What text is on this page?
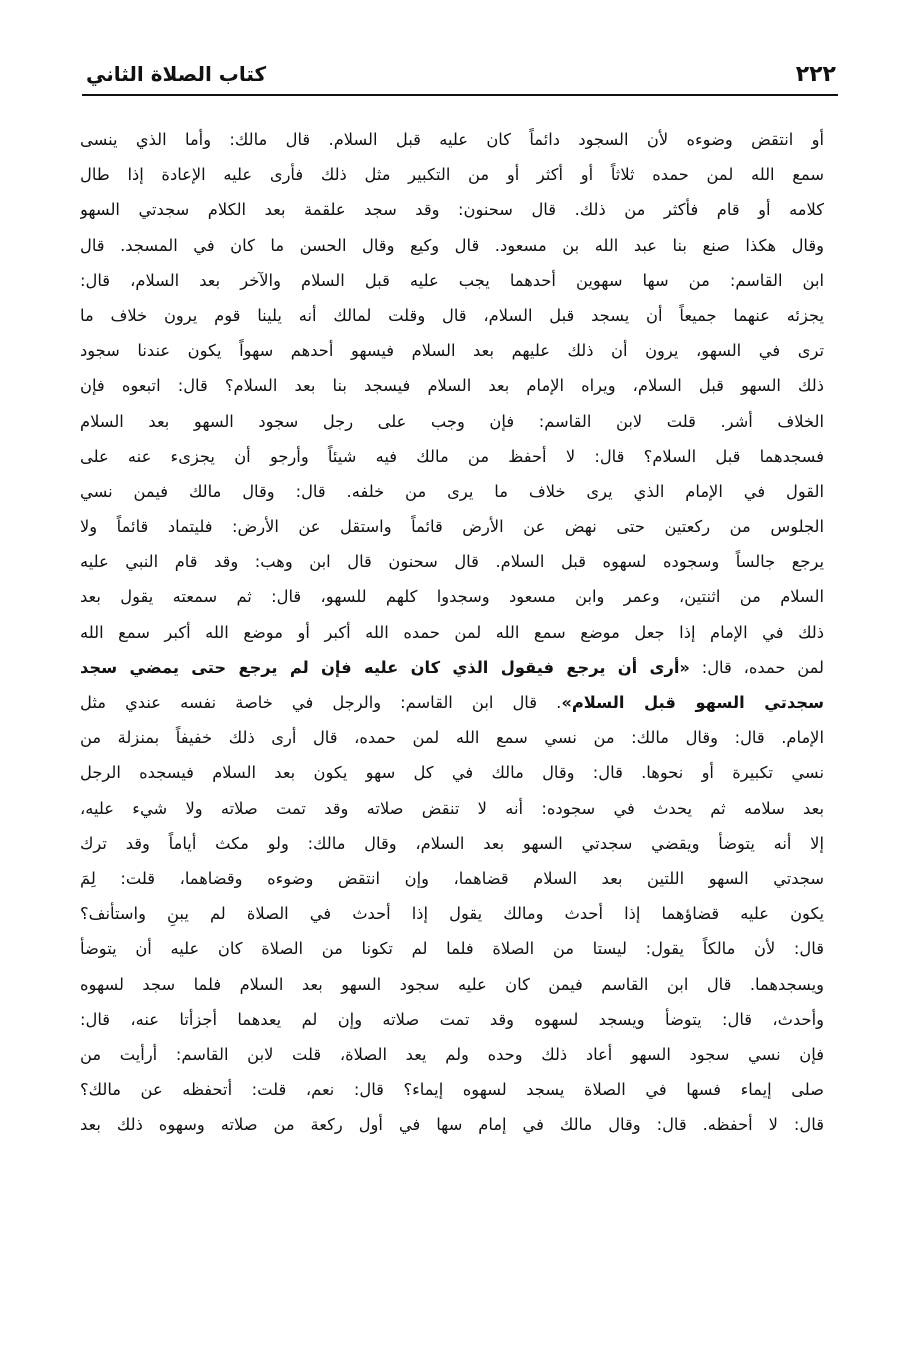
٢٢٢
كتاب الصلاة الثاني
أو انتقض وضوءه لأن السجود دائماً كان عليه قبل السلام. قال مالك: وأما الذي ينسى
سمع الله لمن حمده ثلاثاً أو أكثر أو من التكبير مثل ذلك فأرى عليه الإعادة إذا طال
كلامه أو قام فأكثر من ذلك. قال سحنون: وقد سجد علقمة بعد الكلام سجدتي السهو
وقال هكذا صنع بنا عبد الله بن مسعود. قال وكيع وقال الحسن ما كان في المسجد. قال
ابن القاسم: من سها سهوين أحدهما يجب عليه قبل السلام والآخر بعد السلام، قال:
يجزئه عنهما جميعاً أن يسجد قبل السلام، قال وقلت لمالك أنه يلينا قوم يرون خلاف ما
ترى في السهو، يرون أن ذلك عليهم بعد السلام فيسهو أحدهم سهواً يكون عندنا سجود
ذلك السهو قبل السلام، ويراه الإمام بعد السلام فيسجد بنا بعد السلام؟ قال: اتبعوه فإن
الخلاف أشر. قلت لابن القاسم: فإن وجب على رجل سجود السهو بعد السلام
فسجدهما قبل السلام؟ قال: لا أحفظ من مالك فيه شيئاً وأرجو أن يجزىء عنه على
القول في الإمام الذي يرى خلاف ما يرى من خلفه. قال: وقال مالك فيمن نسي
الجلوس من ركعتين حتى نهض عن الأرض قائماً واستقل عن الأرض: فليتماد قائماً ولا
يرجع جالساً وسجوده لسهوه قبل السلام. قال سحنون قال ابن وهب: وقد قام النبي عليه
السلام من اثنتين، وعمر وابن مسعود وسجدوا كلهم للسهو، قال: ثم سمعته يقول بعد
ذلك في الإمام إذا جعل موضع سمع الله لمن حمده الله أكبر أو موضع الله أكبر سمع الله
لمن حمده، قال: «أرى أن يرجع فيقول الذي كان عليه فإن لم يرجع حتى يمضي سجد
سجدتي السهو قبل السلام». قال ابن القاسم: والرجل في خاصة نفسه عندي مثل
الإمام. قال: وقال مالك: من نسي سمع الله لمن حمده، قال أرى ذلك خفيفاً بمنزلة من
نسي تكبيرة أو نحوها. قال: وقال مالك في كل سهو يكون بعد السلام فيسجده الرجل
بعد سلامه ثم يحدث في سجوده: أنه لا تنقض صلاته وقد تمت صلاته ولا شيء عليه،
إلا أنه يتوضأ ويقضي سجدتي السهو بعد السلام، وقال مالك: ولو مكث أياماً وقد ترك
سجدتي السهو اللتين بعد السلام قضاهما، وإن انتقض وضوءه وقضاهما، قلت: لِمَ
يكون عليه قضاؤهما إذا أحدث ومالك يقول إذا أحدث في الصلاة لم يبنِ واستأنف؟
قال: لأن مالكاً يقول: ليستا من الصلاة فلما لم تكونا من الصلاة كان عليه أن يتوضأ
ويسجدهما. قال ابن القاسم فيمن كان عليه سجود السهو بعد السلام فلما سجد لسهوه
وأحدث، قال: يتوضأ ويسجد لسهوه وقد تمت صلاته وإن لم يعدهما أجزأتا عنه، قال:
فإن نسي سجود السهو أعاد ذلك وحده ولم يعد الصلاة، قلت لابن القاسم: أرأيت من
صلى إيماء فسها في الصلاة يسجد لسهوه إيماء؟ قال: نعم، قلت: أتحفظه عن مالك؟
قال: لا أحفظه. قال: وقال مالك في إمام سها في أول ركعة من صلاته وسهوه ذلك بعد
